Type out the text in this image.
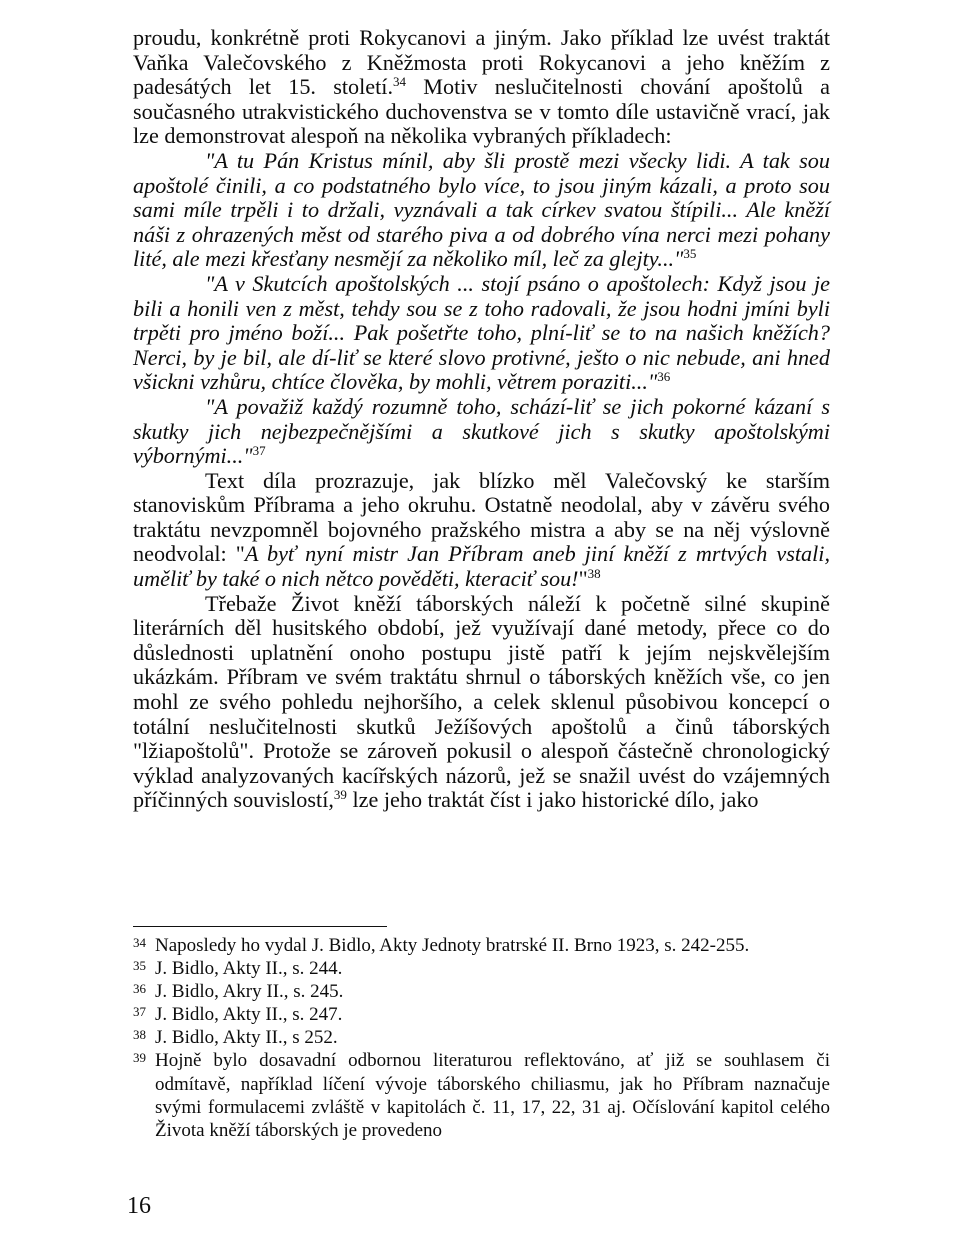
proudu, konkrétně proti Rokycanovi a jiným. Jako příklad lze uvést traktát Vaňka Valečovského z Kněžmosta proti Rokycanovi a jeho kněžím z padesátých let 15. století.$^{34}$ Motiv neslučitelnosti chování apoštolů a současného utrakvistického duchovenstva se v tomto díle ustavičně vrací, jak lze demonstrovat alespoň na několika vybraných příkladech:

"A tu Pán Kristus mínil, aby šli prostě mezi všecky lidi. A tak sou apoštolé činili, a co podstatného bylo více, to jsou jiným kázali, a proto sou sami míle trpěli i to držali, vyznávali a tak církev svatou štípili... Ale kněží náši z ohrazených měst od starého piva a od dobrého vína nerci mezi pohany lité, ale mezi křesťany nesmějí za několiko míl, leč za glejty..."$^{35}$

"A v Skutcích apoštolských ... stojí psáno o apoštolech: Když jsou je bili a honili ven z měst, tehdy sou se z toho radovali, že jsou hodni jmíni byli trpěti pro jméno boží... Pak pošetřte toho, plní-liť se to na našich kněžích? Nerci, by je bil, ale dí-liť se které slovo protivné, ješto o nic nebude, ani hned všickni vzhůru, chtíce člověka, by mohli, větrem poraziti..."$^{36}$

"A považiž každý rozumně toho, schází-liť se jich pokorné kázaní s skutky jich nejbezpečnějšími a skutkové jich s skutky apoštolskými výbornými..."$^{37}$

Text díla prozrazuje, jak blízko měl Valečovský ke starším stanoviskům Příbrama a jeho okruhu. Ostatně neodolal, aby v závěru svého traktátu nevzpomněl bojovného pražského mistra a aby se na něj výslovně neodvolal: "A byť nyní mistr Jan Příbram aneb jiní kněží z mrtvých vstali, uměliť by také o nich nětco pověděti, kteraciť sou!"$^{38}$

Třebaže Život kněží táborských náleží k početně silné skupině literárních děl husitského období, jež využívají dané metody, přece co do důslednosti uplatnění onoho postupu jistě patří k jejím nejskvělejším ukázkám. Příbram ve svém traktátu shrnul o táborských kněžích vše, co jen mohl ze svého pohledu nejhoršího, a celek sklenul působivou koncepcí o totální neslučitelnosti skutků Ježíšových apoštolů a činů táborských "lžiapoštolů". Protože se zároveň pokusil o alespoň částečně chronologický výklad analyzovaných kacířských názorů, jež se snažil uvést do vzájemných příčinných souvislostí,$^{39}$ lze jeho traktát číst i jako historické dílo, jako

34 Naposledy ho vydal J. Bidlo, Akty Jednoty bratrské II. Brno 1923, s. 242-255.

35 J. Bidlo, Akty II., s. 244.

36 J. Bidlo, Akry II., s. 245.

37 J. Bidlo, Akty II., s. 247.

38 J. Bidlo, Akty II., s 252.

39 Hojně bylo dosavadní odbornou literaturou reflektováno, ať již se souhlasem či odmítavě, například líčení vývoje táborského chiliasmu, jak ho Příbram naznačuje svými formulacemi zvláště v kapitolách č. 11, 17, 22, 31 aj. Očíslování kapitol celého Života kněží táborských je provedeno

16
